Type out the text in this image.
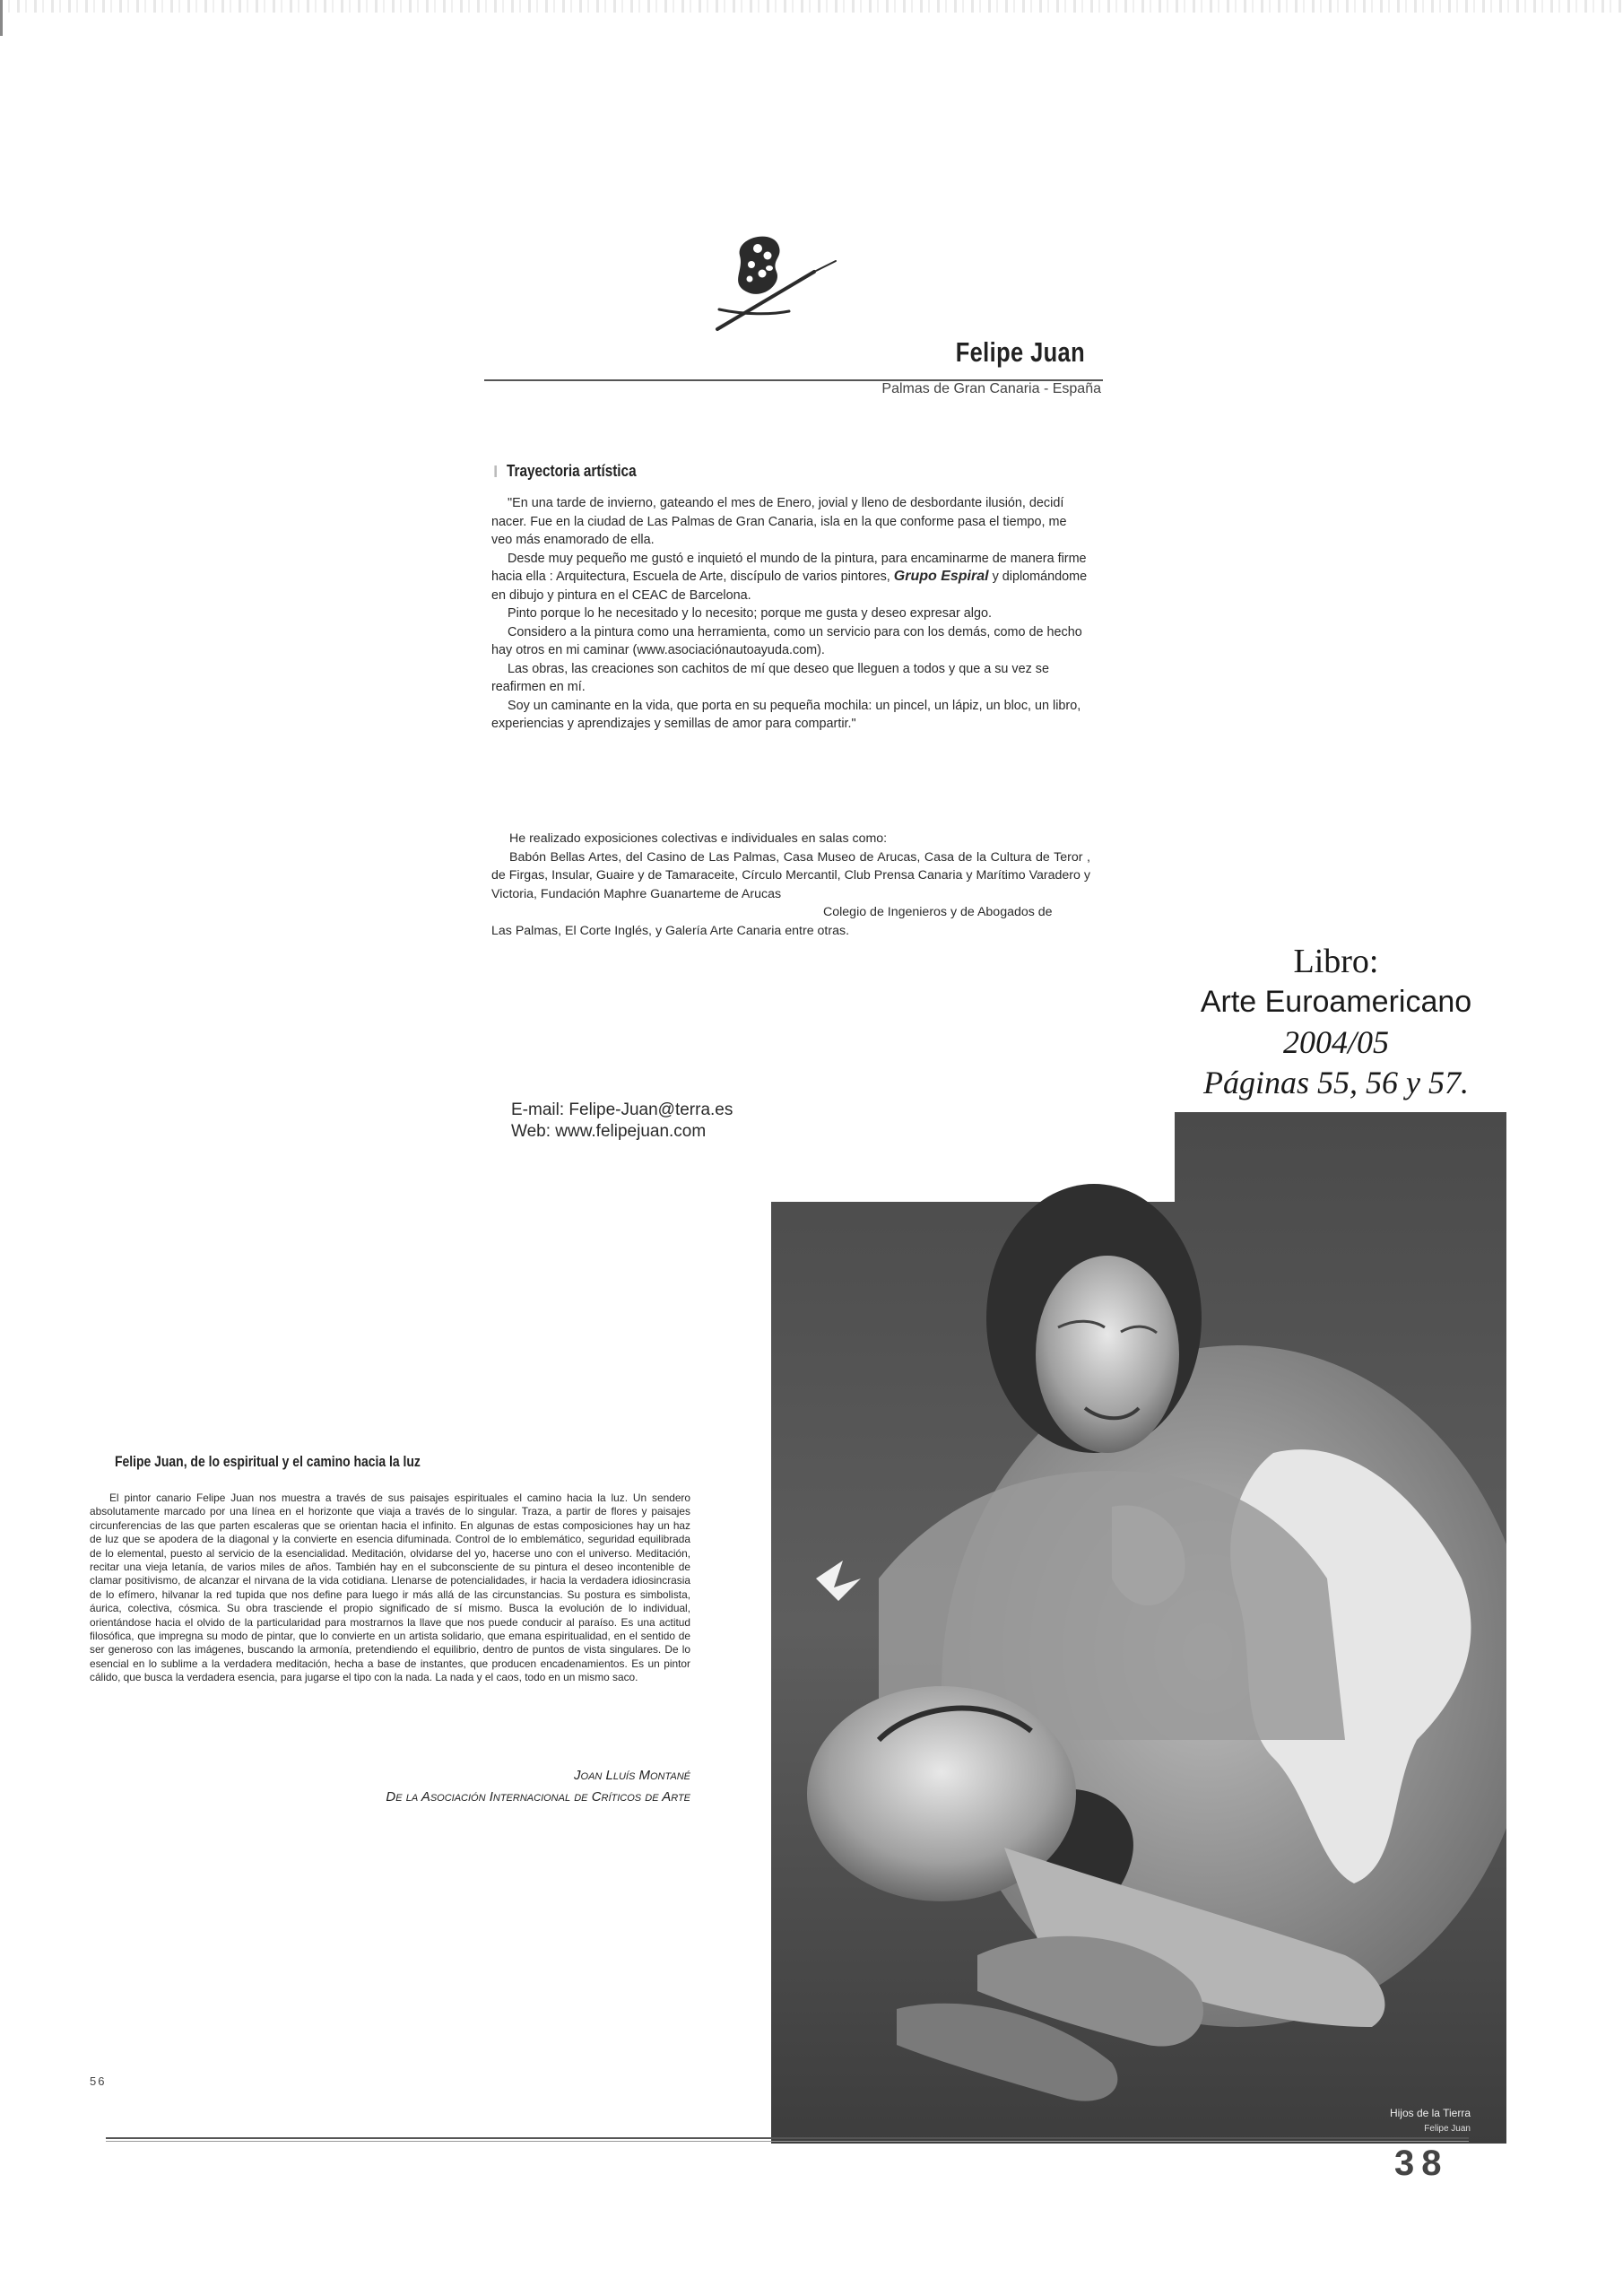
Felipe Juan
Palmas de Gran Canaria - España
Trayectoria artística

"En una tarde de invierno, gateando el mes de Enero, jovial y lleno de desbordante ilusión, decidí nacer. Fue en la ciudad de Las Palmas de Gran Canaria, isla en la que conforme pasa el tiempo, me veo más enamorado de ella.

Desde muy pequeño me gustó e inquietó el mundo de la pintura, para encaminarme de manera firme hacia ella : Arquitectura, Escuela de Arte, discípulo de varios pintores, Grupo Espiral y diplomándome en dibujo y pintura en el CEAC de Barcelona.

Pinto porque lo he necesitado y lo necesito; porque me gusta y deseo expresar algo.

Considero a la pintura como una herramienta, como un servicio para con los demás, como de hecho hay otros en mi caminar (www.asociaciónautoayuda.com).

Las obras, las creaciones son cachitos de mí que deseo que lleguen a todos y que a su vez se reafirmen en mí.

Soy un caminante en la vida, que porta en su pequeña mochila: un pincel, un lápiz, un bloc, un libro, experiencias y aprendizajes y semillas de amor para compartir."

He realizado exposiciones colectivas e individuales en salas como:

Babón Bellas Artes, del Casino de Las Palmas, Casa Museo de Arucas, Casa de la Cultura de Teror , de Firgas, Insular, Guaire y de Tamaraceite, Círculo Mercantil, Club Prensa Canaria y Marítimo Varadero y Victoria, Fundación Maphre Guanarteme de Arucas

Colegio de Ingenieros y de Abogados de

Las Palmas, El Corte Inglés, y Galería Arte Canaria entre otras.

E-mail: Felipe-Juan@terra.es
Web: www.felipejuan.com
Libro:
Arte Euroamericano
2004/05
Páginas 55, 56 y 57.
Felipe Juan, de lo espiritual y el camino hacia la luz

El pintor canario Felipe Juan nos muestra a través de sus paisajes espirituales el camino hacia la luz. Un sendero absolutamente marcado por una línea en el horizonte que viaja a través de lo singular. Traza, a partir de flores y paisajes circunferencias de las que parten escaleras que se orientan hacia el infinito. En algunas de estas composiciones hay un haz de luz que se apodera de la diagonal y la convierte en esencia difuminada. Control de lo emblemático, seguridad equilibrada de lo elemental, puesto al servicio de la esencialidad. Meditación, olvidarse del yo, hacerse uno con el universo. Meditación, recitar una vieja letanía, de varios miles de años. También hay en el subconsciente de su pintura el deseo incontenible de clamar positivismo, de alcanzar el nirvana de la vida cotidiana. Llenarse de potencialidades, ir hacia la verdadera idiosincrasia de lo efímero, hilvanar la red tupida que nos define para luego ir más allá de las circunstancias. Su postura es simbolista, áurica, colectiva, cósmica. Su obra trasciende el propio significado de sí mismo. Busca la evolución de lo individual, orientándose hacia el olvido de la particularidad para mostrarnos la llave que nos puede conducir al paraíso. Es una actitud filosófica, que impregna su modo de pintar, que lo convierte en un artista solidario, que emana espiritualidad, en el sentido de ser generoso con las imágenes, buscando la armonía, pretendiendo el equilibrio, dentro de puntos de vista singulares. De lo esencial en lo sublime a la verdadera meditación, hecha a base de instantes, que producen encadenamientos. Es un pintor cálido, que busca la verdadera esencia, para jugarse el tipo con la nada. La nada y el caos, todo en un mismo saco.

Joan Lluís Montané
De la Asociación Internacional de Críticos de Arte
56
Hijos de la Tierra
Felipe Juan
38
